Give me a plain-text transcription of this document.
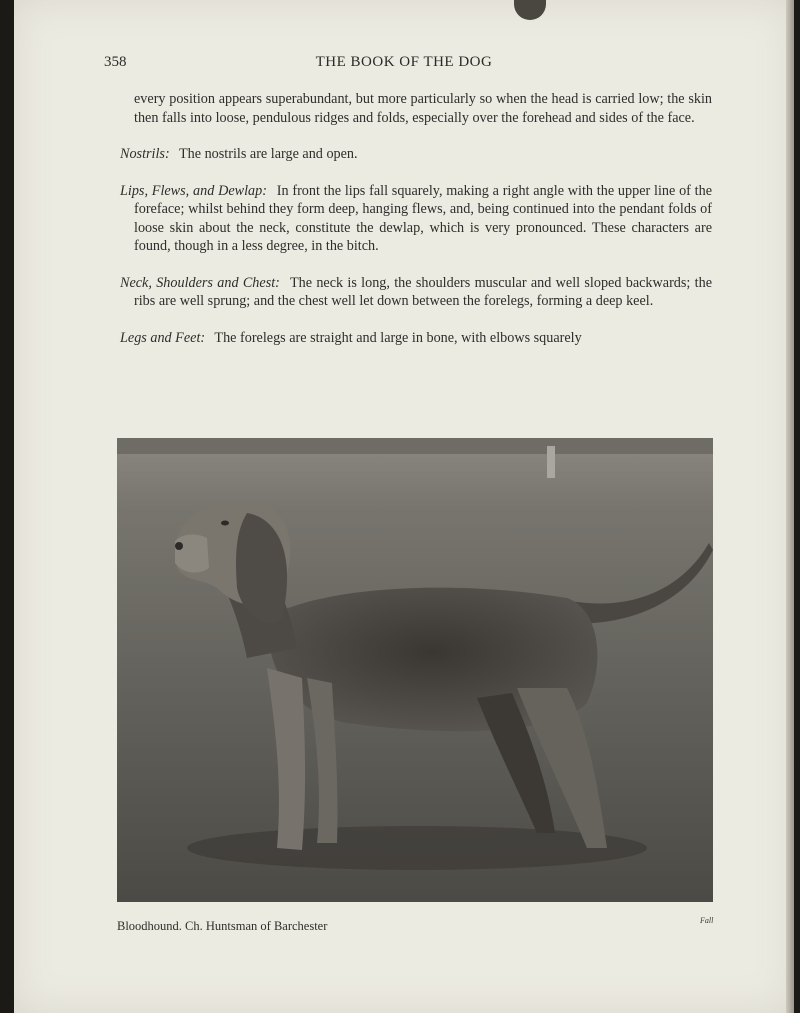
358	THE BOOK OF THE DOG

every position appears superabundant, but more particularly so when the head is carried low; the skin then falls into loose, pendulous ridges and folds, especially over the forehead and sides of the face.

Nostrils: The nostrils are large and open.

Lips, Flews, and Dewlap: In front the lips fall squarely, making a right angle with the upper line of the foreface; whilst behind they form deep, hanging flews, and, being continued into the pendant folds of loose skin about the neck, constitute the dewlap, which is very pronounced. These characters are found, though in a less degree, in the bitch.

Neck, Shoulders and Chest: The neck is long, the shoulders muscular and well sloped backwards; the ribs are well sprung; and the chest well let down between the forelegs, forming a deep keel.

Legs and Feet: The forelegs are straight and large in bone, with elbows squarely

Bloodhound. Ch. Huntsman of Barchester	Fall
